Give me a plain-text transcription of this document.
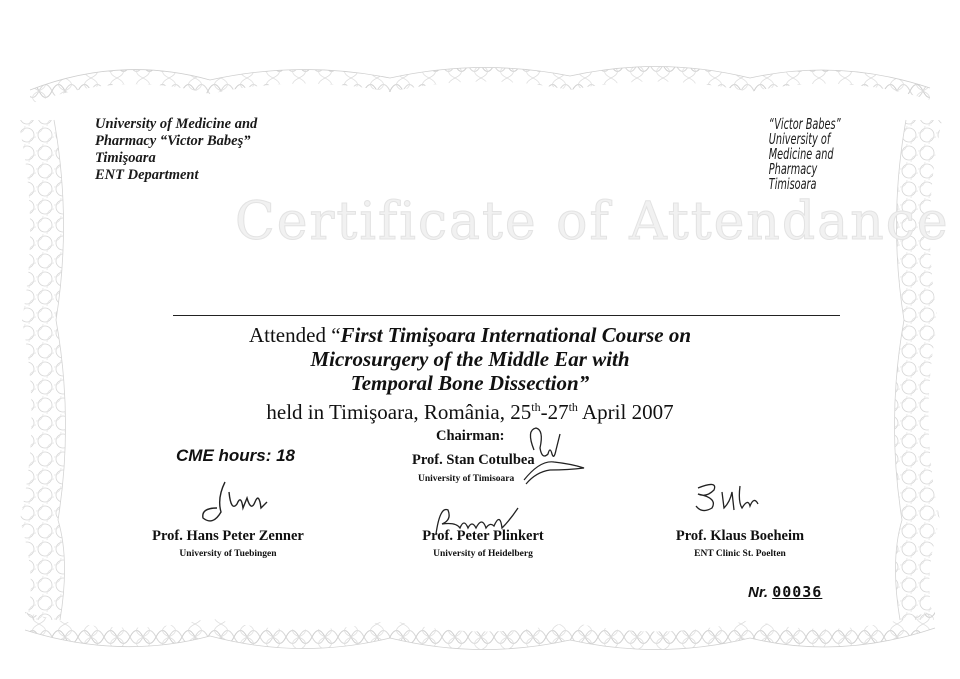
University of Medicine and
Pharmacy “Victor Babeş”
Timişoara
ENT Department
“Victor Babes”
University of
Medicine and
Pharmacy
Timisoara
Certificate of Attendance
Attended “First Timişoara International Course on
Microsurgery of the Middle Ear with
Temporal Bone Dissection”
held in Timişoara, România, 25th-27th April 2007
CME hours: 18
Chairman:
Prof. Stan Cotulbea
University of Timisoara
Prof. Hans Peter Zenner
University of Tuebingen
Prof. Peter Plinkert
University of Heidelberg
Prof. Klaus Boeheim
ENT Clinic St. Poelten
Nr. 00036
